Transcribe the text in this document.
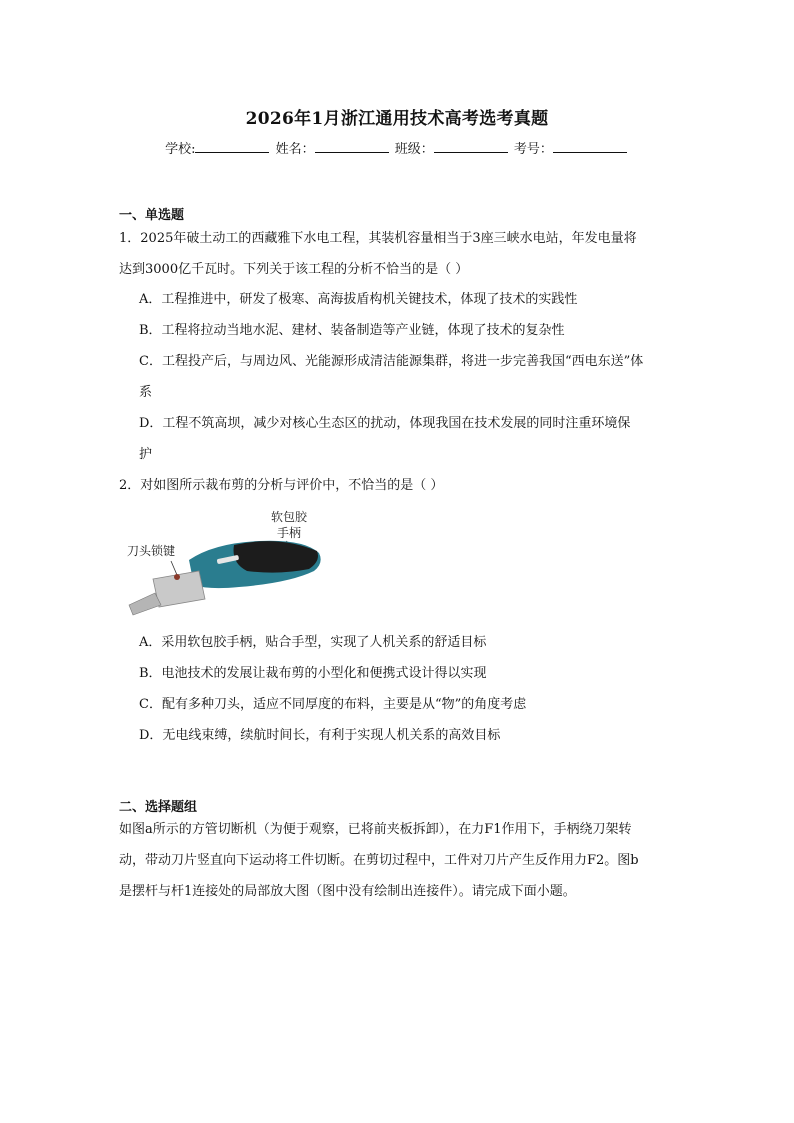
2026年1月浙江通用技术高考选考真题
学校:	姓名：	班级：	考号：
一、单选题
1．2025年破土动工的西藏雅下水电工程，其装机容量相当于3座三峡水电站，年发电量将
达到3000亿千瓦时。下列关于该工程的分析不恰当的是（ ）
A．工程推进中，研发了极寒、高海拔盾构机关键技术，体现了技术的实践性
B．工程将拉动当地水泥、建材、装备制造等产业链，体现了技术的复杂性
C．工程投产后，与周边风、光能源形成清洁能源集群，将进一步完善我国“西电东送”体
系
D．工程不筑高坝，减少对核心生态区的扰动，体现我国在技术发展的同时注重环境保
护
2．对如图所示裁布剪的分析与评价中，不恰当的是（ ）
软包胶
手柄
刀头锁键
A．采用软包胶手柄，贴合手型，实现了人机关系的舒适目标
B．电池技术的发展让裁布剪的小型化和便携式设计得以实现
C．配有多种刀头，适应不同厚度的布料，主要是从“物”的角度考虑
D．无电线束缚，续航时间长，有利于实现人机关系的高效目标
二、选择题组
如图a所示的方管切断机（为便于观察，已将前夹板拆卸），在力F1作用下，手柄绕刀架转
动，带动刀片竖直向下运动将工件切断。在剪切过程中，工件对刀片产生反作用力F2。图b
是摆杆与杆1连接处的局部放大图（图中没有绘制出连接件）。请完成下面小题。
